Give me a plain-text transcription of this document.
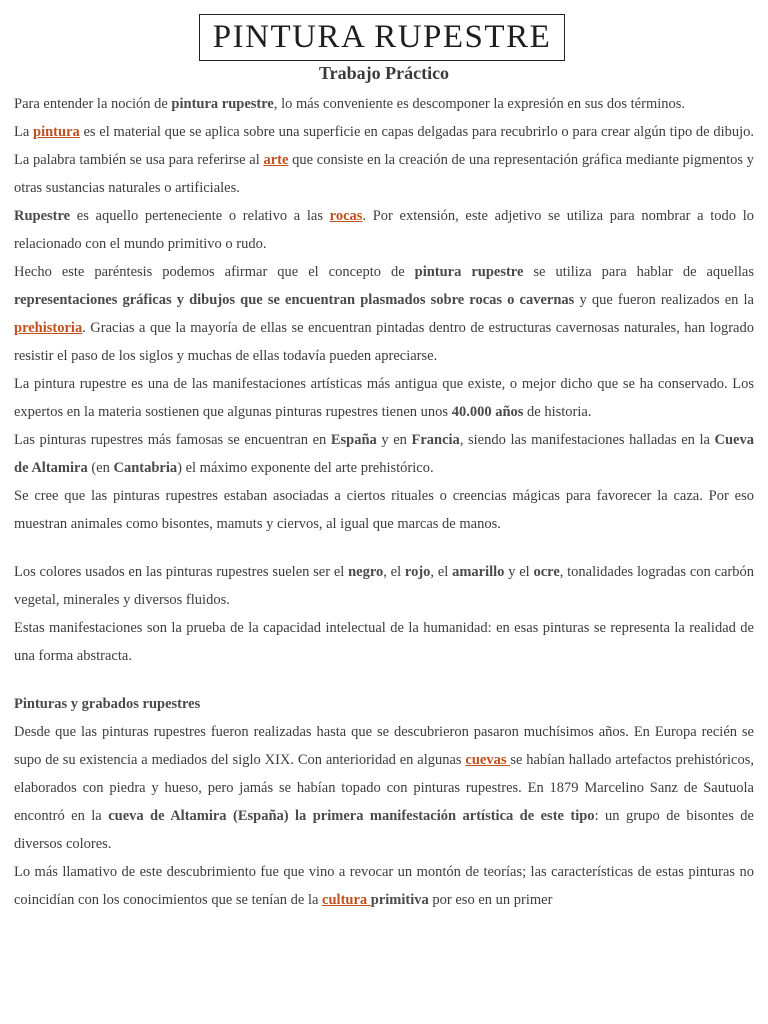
PINTURA RUPESTRE
Trabajo Práctico

Para entender la noción de pintura rupestre, lo más conveniente es descomponer la expresión en sus dos términos.

La pintura es el material que se aplica sobre una superficie en capas delgadas para recubrirlo o para crear algún tipo de dibujo. La palabra también se usa para referirse al arte que consiste en la creación de una representación gráfica mediante pigmentos y otras sustancias naturales o artificiales.

Rupestre es aquello perteneciente o relativo a las rocas. Por extensión, este adjetivo se utiliza para nombrar a todo lo relacionado con el mundo primitivo o rudo.

Hecho este paréntesis podemos afirmar que el concepto de pintura rupestre se utiliza para hablar de aquellas representaciones gráficas y dibujos que se encuentran plasmados sobre rocas o cavernas y que fueron realizados en la prehistoria. Gracias a que la mayoría de ellas se encuentran pintadas dentro de estructuras cavernosas naturales, han logrado resistir el paso de los siglos y muchas de ellas todavía pueden apreciarse.

La pintura rupestre es una de las manifestaciones artísticas más antigua que existe, o mejor dicho que se ha conservado. Los expertos en la materia sostienen que algunas pinturas rupestres tienen unos 40.000 años de historia.

Las pinturas rupestres más famosas se encuentran en España y en Francia, siendo las manifestaciones halladas en la Cueva de Altamira (en Cantabria) el máximo exponente del arte prehistórico.

Se cree que las pinturas rupestres estaban asociadas a ciertos rituales o creencias mágicas para favorecer la caza. Por eso muestran animales como bisontes, mamuts y ciervos, al igual que marcas de manos.

Los colores usados en las pinturas rupestres suelen ser el negro, el rojo, el amarillo y el ocre, tonalidades logradas con carbón vegetal, minerales y diversos fluidos.

Estas manifestaciones son la prueba de la capacidad intelectual de la humanidad: en esas pinturas se representa la realidad de una forma abstracta.

Pinturas y grabados rupestres

Desde que las pinturas rupestres fueron realizadas hasta que se descubrieron pasaron muchísimos años. En Europa recién se supo de su existencia a mediados del siglo XIX. Con anterioridad en algunas cuevas se habían hallado artefactos prehistóricos, elaborados con piedra y hueso, pero jamás se habían topado con pinturas rupestres. En 1879 Marcelino Sanz de Sautuola encontró en la cueva de Altamira (España) la primera manifestación artística de este tipo: un grupo de bisontes de diversos colores.

Lo más llamativo de este descubrimiento fue que vino a revocar un montón de teorías; las características de estas pinturas no coincidían con los conocimientos que se tenían de la cultura primitiva por eso en un primer
